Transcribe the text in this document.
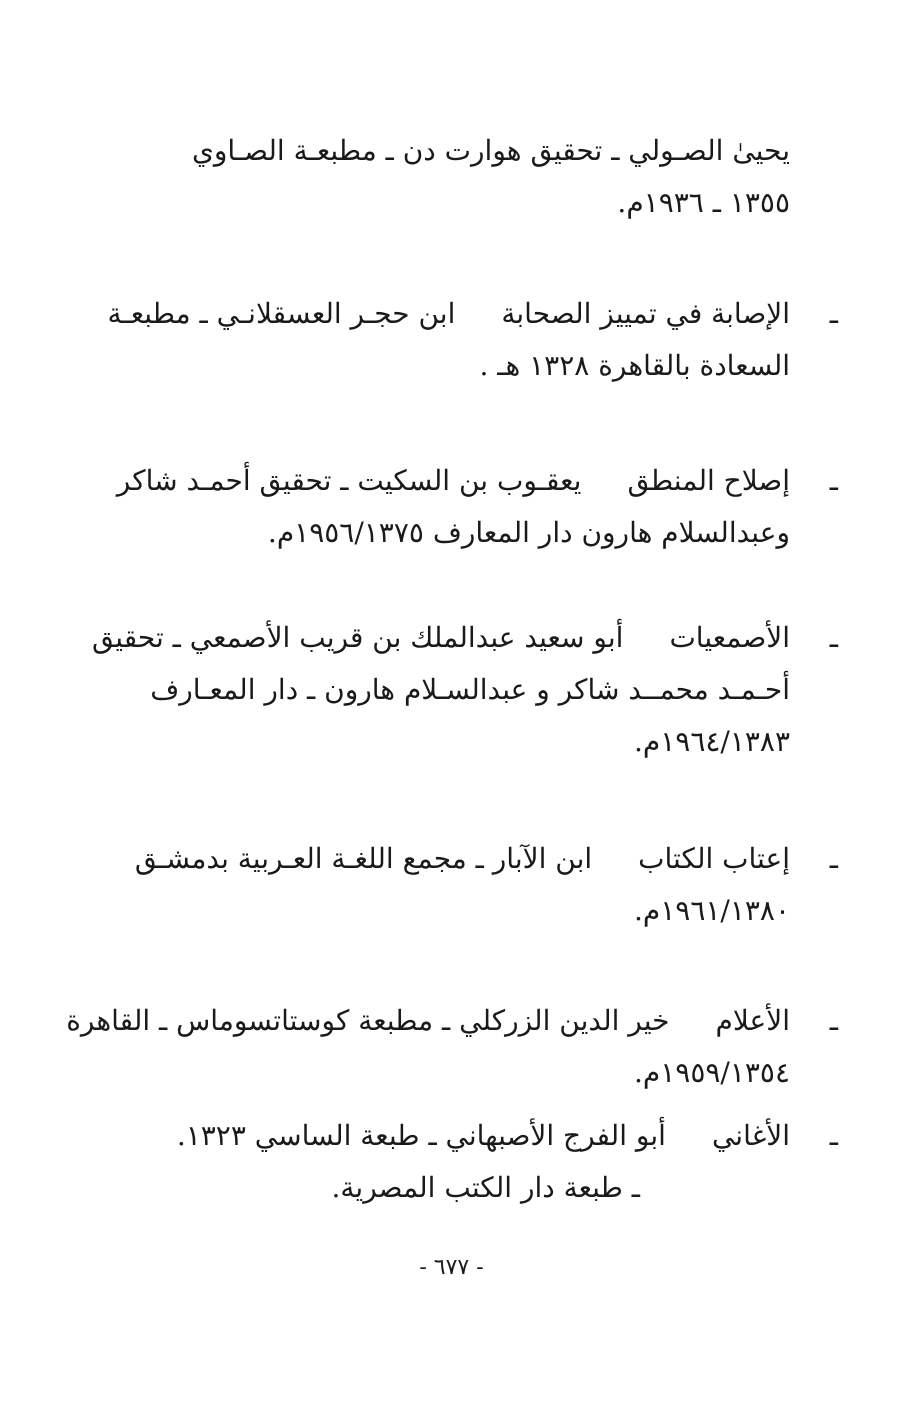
يحيىٰ الصـولي ـ تحقيق هوارت دن ـ مطبعـة الصـاوي
١٣٥٥ ـ ١٩٣٦م.
ـ
الإصابة في تمييز الصحابةابن حجـر العسقلانـي ـ مطبعـة
السعادة بالقاهرة ١٣٢٨ هـ .
ـ
إصلاح المنطقيعقـوب بن السكيت ـ تحقيق أحمـد شاكر
وعبدالسلام هارون دار المعارف ١٩٥٦/١٣٧٥م.
ـ
الأصمعياتأبو سعيد عبدالملك بن قريب الأصمعي ـ تحقيق
أحـمـد محمــد شاكر و عبدالسـلام هارون ـ دار المعـارف
١٩٦٤/١٣٨٣م.
ـ
إعتاب الكتابابن الآبار ـ مجمع اللغـة العـربية بدمشـق
١٩٦١/١٣٨٠م.
ـ
الأعلامخير الدين الزركلي ـ مطبعة كوستاتسوماس ـ القاهرة
١٩٥٩/١٣٥٤م.
ـ
الأغانيأبو الفرج الأصبهاني ـ طبعة الساسي ١٣٢٣.
ـ طبعة دار الكتب المصرية.
- ٦٧٧ -
